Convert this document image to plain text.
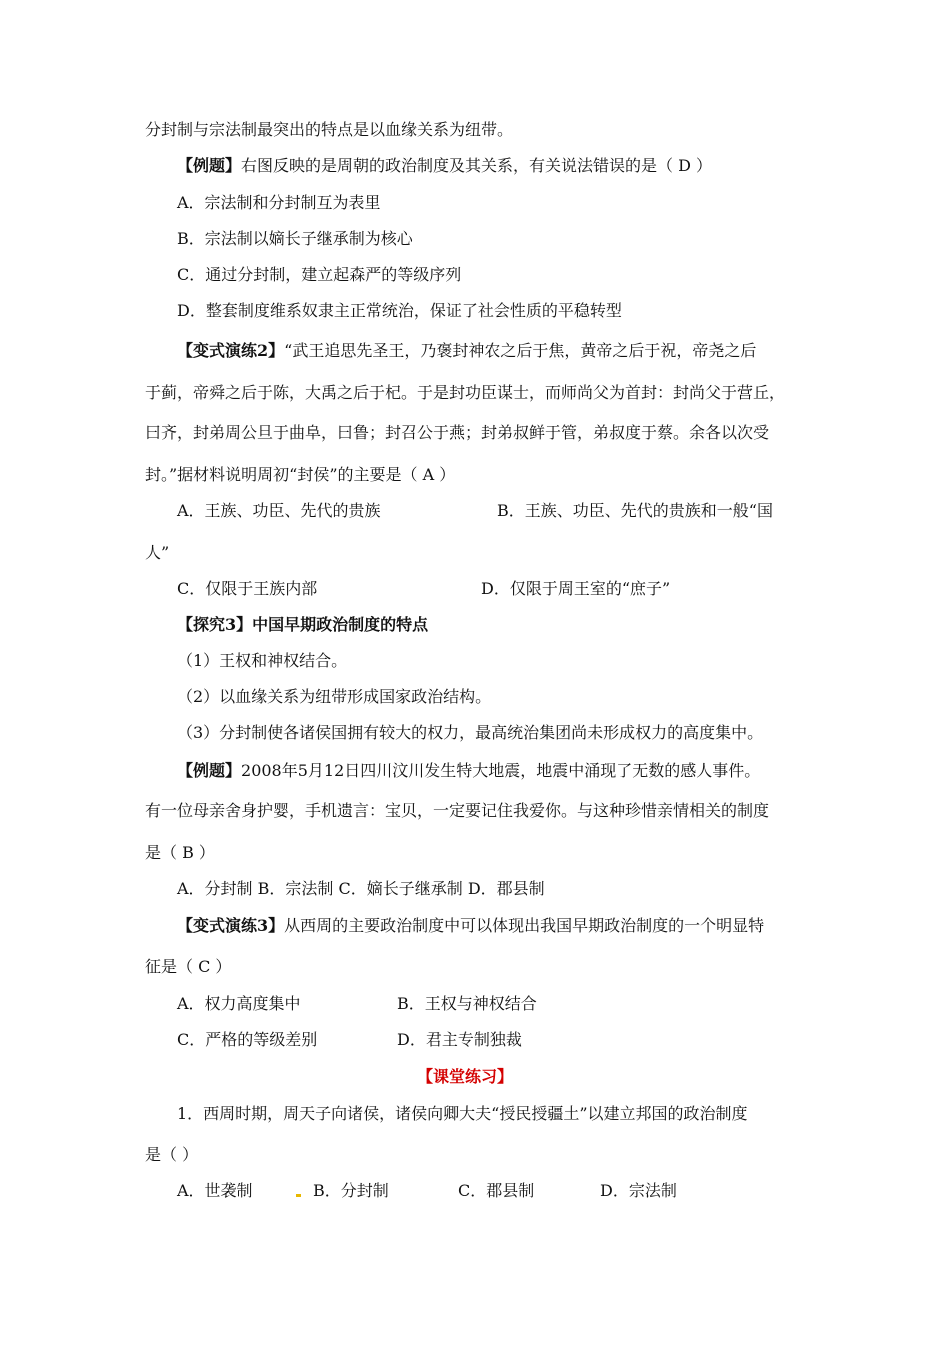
分封制与宗法制最突出的特点是以血缘关系为纽带。
【例题】右图反映的是周朝的政治制度及其关系，有关说法错误的是（ D ）
A．宗法制和分封制互为表里
B．宗法制以嫡长子继承制为核心
C．通过分封制，建立起森严的等级序列
D．整套制度维系奴隶主正常统治，保证了社会性质的平稳转型
【变式演练2】“武王追思先圣王，乃褒封神农之后于焦，黄帝之后于祝，帝尧之后
于蓟，帝舜之后于陈，大禹之后于杞。于是封功臣谋士，而师尚父为首封：封尚父于营丘，
曰齐，封弟周公旦于曲阜，曰鲁；封召公于燕；封弟叔鲜于管，弟叔度于蔡。余各以次受
封。”据材料说明周初“封侯”的主要是（ A ）
A．王族、功臣、先代的贵族	B．王族、功臣、先代的贵族和一般“国
人”
C．仅限于王族内部	D．仅限于周王室的“庶子”
【探究3】中国早期政治制度的特点
（1）王权和神权结合。
（2）以血缘关系为纽带形成国家政治结构。
（3）分封制使各诸侯国拥有较大的权力，最高统治集团尚未形成权力的高度集中。
【例题】2008年5月12日四川汶川发生特大地震，地震中涌现了无数的感人事件。
有一位母亲舍身护婴，手机遗言：宝贝，一定要记住我爱你。与这种珍惜亲情相关的制度
是（ B ）
A．分封制 B．宗法制 C．嫡长子继承制 D．郡县制
【变式演练3】从西周的主要政治制度中可以体现出我国早期政治制度的一个明显特
征是（ C ）
A．权力高度集中	B．王权与神权结合
C．严格的等级差别	D．君主专制独裁
【课堂练习】
1．西周时期，周天子向诸侯，诸侯向卿大夫“授民授疆土”以建立邦国的政治制度
是（ ）
A．世袭制	B．分封制	C．郡县制	D．宗法制
